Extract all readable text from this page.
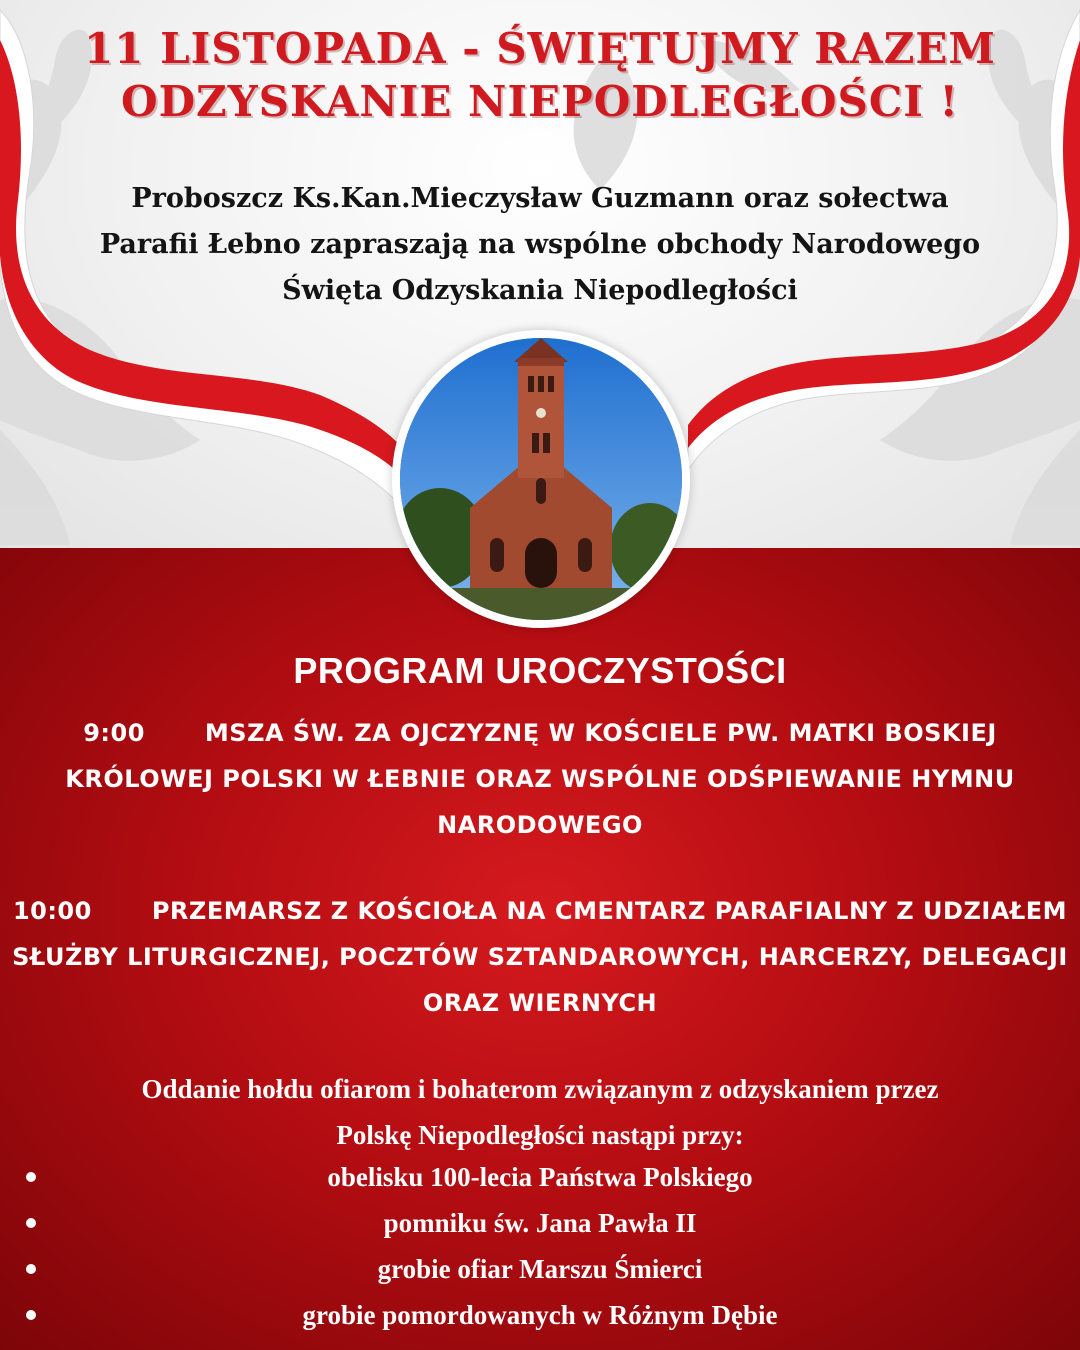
11 LISTOPADA - ŚWIĘTUJMY RAZEM
ODZYSKANIE NIEPODLEGŁOŚCI !
Proboszcz Ks.Kan.Mieczysław Guzmann oraz sołectwa
Parafii Łebno zapraszają na wspólne obchody Narodowego
Święta Odzyskania Niepodległości
PROGRAM UROCZYSTOŚCI
9:00	MSZA ŚW. ZA OJCZYZNĘ W KOŚCIELE PW. MATKI BOSKIEJ
KRÓLOWEJ POLSKI W ŁEBNIE ORAZ WSPÓLNE ODŚPIEWANIE HYMNU
NARODOWEGO
10:00	PRZEMARSZ Z KOŚCIOŁA NA CMENTARZ PARAFIALNY Z UDZIAŁEM
SŁUŻBY LITURGICZNEJ, POCZTÓW SZTANDAROWYCH, HARCERZY, DELEGACJI
ORAZ WIERNYCH
Oddanie hołdu ofiarom i bohaterom związanym z odzyskaniem przez
Polskę Niepodległości nastąpi przy:
obelisku 100-lecia Państwa Polskiego
pomniku św. Jana Pawła II
grobie ofiar Marszu Śmierci
grobie pomordowanych w Różnym Dębie
